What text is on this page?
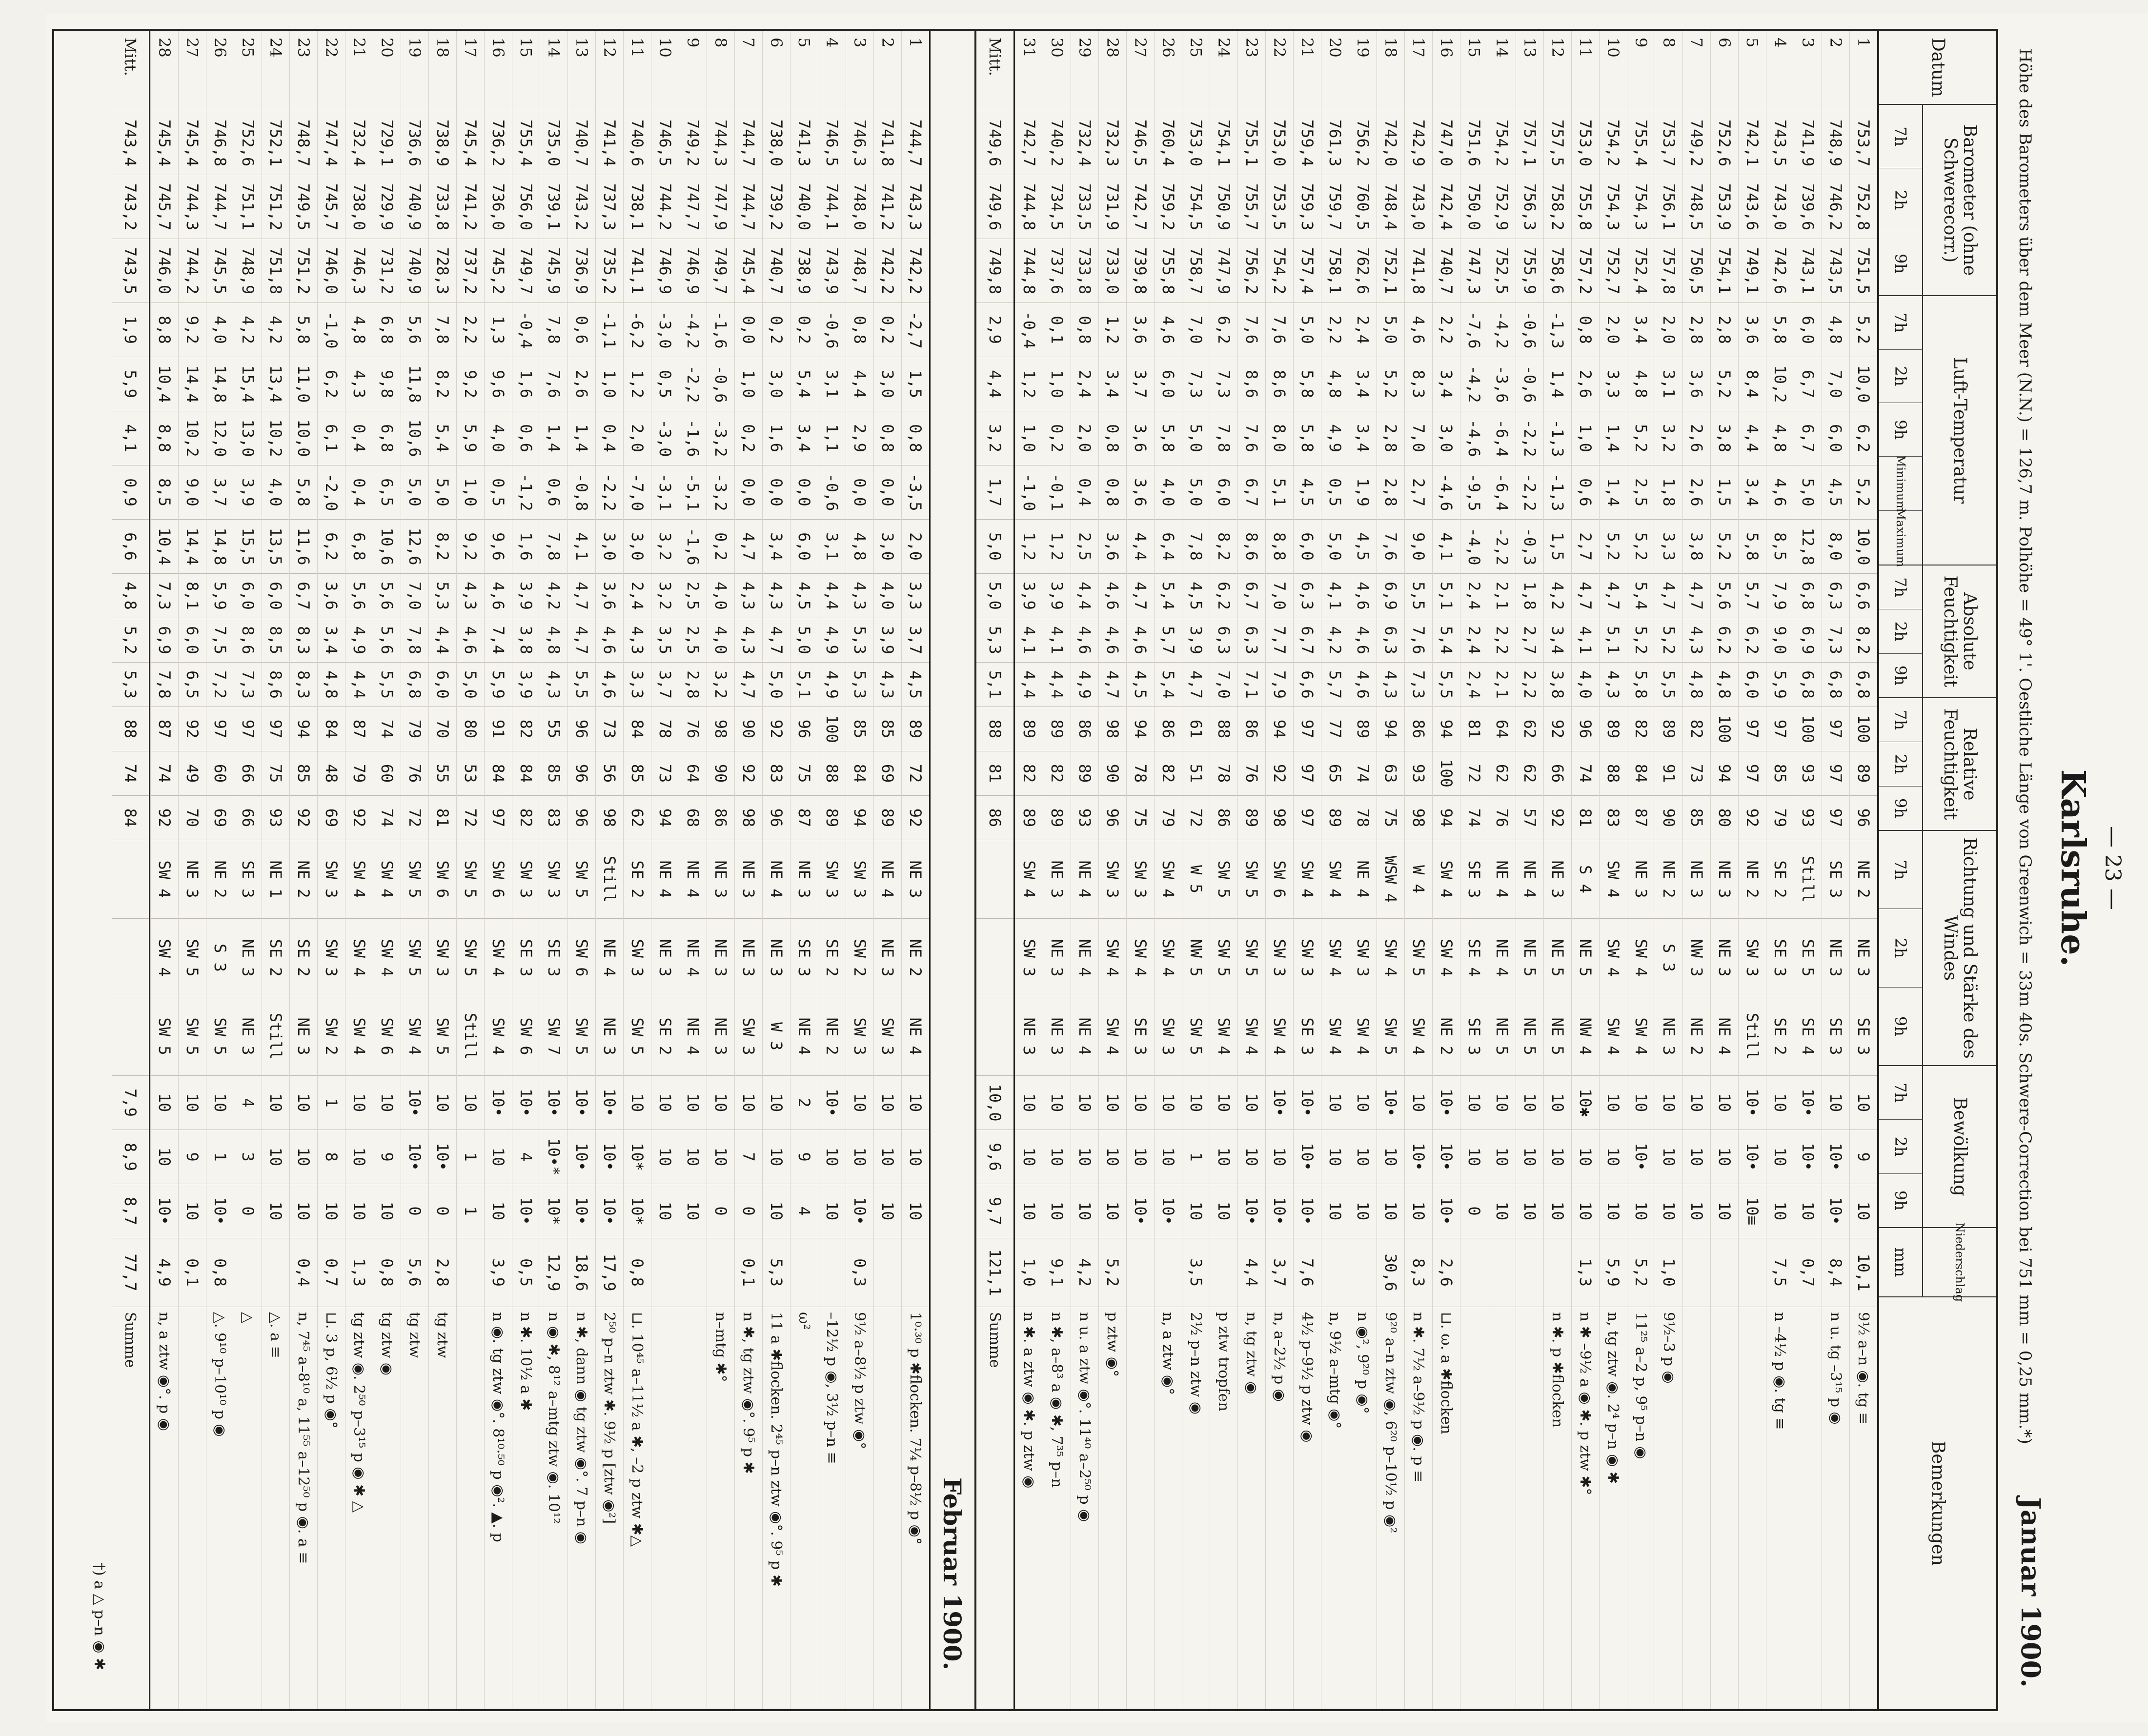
— 23 —
Karlsruhe.
Höhe des Barometers über dem Meer (N.N.) = 126,7 m. Polhöhe = 49° 1'. Oestliche Länge von Greenwich = 33m 40s. Schwere-Correction bei 751 mm = 0,25 mm.*)
Januar 1900.
Datum
Barometer (ohne Schwerecorr.)
7h
2h
9h
Luft-Temperatur
7h
2h
9h
Minimum
Maximum
Absolute Feuchtigkeit
7h
2h
9h
Relative Feuchtigkeit
7h
2h
9h
Richtung und Stärke des Windes
7h
2h
9h
Bewölkung
7h
2h
9h
Niederschlag
mm
Bemerkungen
1
753,7
752,8
751,5
5,2
10,0
6,2
5,2
10,0
6,6
8,2
6,8
100
89
96
NE 2
NE 3
SE 3
10
9
10
10,1
9½ a–n ◉. tg ≡
2
748,9
746,2
743,5
4,8
7,0
6,0
4,5
8,0
6,3
7,3
6,8
97
97
97
SE 3
NE 3
SE 3
10
10•
10•
8,4
n u. tg –3¹⁵ p ◉
3
741,9
739,6
743,1
6,0
6,7
6,7
5,0
12,8
6,8
6,9
6,8
100
93
93
Still
SE 5
SE 4
10•
10•
10
0,7
4
743,5
743,0
742,6
5,8
10,2
4,8
4,6
8,5
7,9
9,0
5,9
97
85
79
SE 2
SE 3
SE 2
10
10
10
7,5
n –4½ p ◉. tg ≡
5
742,1
743,6
749,1
3,6
8,4
4,4
3,4
5,8
5,7
6,2
6,0
97
97
92
NE 2
SW 3
Still
10•
10•
10≡
6
752,6
753,9
754,1
2,8
5,2
3,8
1,5
5,2
5,6
6,2
4,8
100
94
80
NE 3
NE 3
NE 4
10
10
10
7
749,2
748,5
750,5
2,8
3,6
2,6
2,6
3,8
4,7
4,3
4,8
82
73
85
NE 3
NW 3
NE 2
10
10
10
8
753,7
756,1
757,8
2,0
3,1
3,2
1,8
3,3
4,7
5,2
5,5
89
91
90
NE 2
S 3
NE 3
10
10
10
1,0
9½–3 p ◉
9
755,4
754,3
752,4
3,4
4,8
5,2
2,5
5,2
5,4
5,2
5,8
82
84
87
NE 3
SW 4
SW 4
10
10•
10
5,2
11²⁵ a–2 p, 9⁵ p–n ◉
10
754,2
754,3
752,7
2,0
3,3
1,4
1,4
5,2
4,7
5,1
4,3
89
88
83
SW 4
SW 4
SW 4
10
10
10
5,9
n, tg ztw ◉. 2⁴ p–n ◉ ✱
11
753,0
755,8
757,2
0,8
2,6
1,0
0,6
2,7
4,7
4,1
4,0
96
74
81
S 4
NE 5
NW 4
10✱
10
10
1,3
n ✱ –9½ a ◉ ✱. p ztw ✱°
12
757,5
758,2
758,6
-1,3
1,4
-1,3
-1,3
1,5
4,2
3,4
3,8
92
66
92
NE 3
NE 5
NE 5
10
10
10
n ✱. p ✱flocken
13
757,1
756,3
755,9
-0,6
-0,6
-2,2
-2,2
-0,3
1,8
2,7
2,2
62
62
57
NE 4
NE 5
NE 5
10
10
10
14
754,2
752,9
752,5
-4,2
-3,6
-6,4
-6,4
-2,2
2,1
2,2
2,1
64
62
76
NE 4
NE 4
NE 5
10
10
10
15
751,6
750,0
747,3
-7,6
-4,2
-4,6
-9,5
-4,0
2,4
2,4
2,4
81
72
74
SE 3
SE 4
SE 3
10
10
0
16
747,0
742,4
740,7
2,2
3,4
3,0
-4,6
4,1
5,1
5,4
5,5
94
100
94
SW 4
SW 4
NE 2
10•
10•
10•
2,6
⊔. ω. a ✱flocken
17
742,9
743,0
741,8
4,6
8,3
7,0
2,7
9,0
5,5
7,6
7,3
86
93
98
W 4
SW 5
SW 4
10
10•
10
8,3
n ✱. 7½ a–9½ p ◉. p ≡
18
742,0
748,4
752,1
5,0
5,2
2,8
2,8
7,6
6,9
6,3
4,3
94
63
75
WSW 4
SW 4
SW 5
10•
10
10
30,6
9²⁰ a–n ztw ◉, 6²⁰ p–10½ p ◉²
19
756,2
760,5
762,6
2,4
3,4
3,4
1,9
4,5
4,6
4,6
4,6
89
74
78
NE 4
SW 3
SW 4
10
10
10
n ◉², 9²⁰ p ◉°
20
761,3
759,7
758,1
2,2
4,8
4,9
0,5
5,0
4,1
4,2
5,7
77
65
89
SW 4
SW 4
SW 4
10
10
10
n, 9½ a–mtg ◉°
21
759,4
759,3
757,4
5,0
5,8
5,8
4,5
6,0
6,3
6,7
6,6
97
97
97
SW 4
SW 3
SE 3
10•
10•
10•
7,6
4½ p–9½ p ztw ◉
22
753,0
753,5
754,2
7,6
8,6
8,0
5,1
8,8
7,0
7,7
7,9
94
92
98
SW 6
SW 3
SW 4
10•
10
10•
3,7
n, a–2½ p ◉
23
755,1
755,7
756,2
7,6
8,6
7,6
6,7
8,6
6,7
6,3
7,1
86
76
89
SW 5
SW 5
SW 4
10
10
10•
4,4
n, tg ztw ◉
24
754,1
750,9
747,9
6,2
7,3
7,8
6,0
8,2
6,2
6,3
7,0
88
78
86
SW 5
SW 5
SW 4
10
10
10
p ztw tropfen
25
753,0
754,5
758,7
7,0
7,3
5,0
5,0
7,8
4,5
3,9
4,7
61
51
72
W 5
NW 5
SW 5
10
1
10
3,5
2½ p–n ztw ◉
26
760,4
759,2
755,8
4,6
6,0
5,8
4,0
6,4
5,4
5,7
5,4
86
82
79
SW 4
SW 4
SW 3
10
10
10•
n, a ztw ◉°
27
746,5
742,7
739,8
3,6
3,7
3,6
3,6
4,4
4,7
4,6
4,5
94
78
75
SW 3
SW 4
SE 3
10
10
10•
28
732,3
731,9
733,0
1,2
3,4
0,8
0,8
3,6
4,6
4,6
4,7
98
90
96
SW 3
SW 4
SW 4
10
10
10
5,2
p ztw ◉°
29
732,4
733,5
733,8
0,8
2,4
2,0
0,4
2,5
4,4
4,6
4,9
86
89
93
NE 4
NE 4
NE 4
10
10
10
4,2
n u. a ztw ◉°. 11⁴⁰ a–2⁵⁰ p ◉
30
740,2
734,5
737,6
0,1
1,0
0,2
-0,1
1,2
3,9
4,1
4,4
89
82
89
NE 3
NE 3
NE 3
10
10
10
9,1
n ✱, a–8³ a ◉ ✱, 7³⁵ p–n
31
742,7
744,8
744,8
-0,4
1,2
1,0
-1,0
1,2
3,9
4,1
4,4
89
82
89
SW 4
SW 3
NE 3
10
10
10
1,0
n ✱. a ztw ◉ ✱. p ztw ◉
Mitt.
749,6
749,6
749,8
2,9
4,4
3,2
1,7
5,0
5,0
5,3
5,1
88
81
86
10,0
9,6
9,7
121,1
Summe
Februar 1900.
1
744,7
743,3
742,2
-2,7
1,5
0,8
-3,5
2,0
3,3
3,7
4,5
89
72
92
NE 3
NE 2
NE 4
10
10
10
1⁰·³⁰ p ✱flocken. 7¼ p–8½ p ◉°
2
741,8
741,2
742,2
0,2
3,0
0,8
0,0
3,0
4,0
3,9
4,3
85
69
89
NE 4
NE 3
SW 3
10
10
10
3
746,3
748,0
748,7
0,8
4,4
2,9
0,0
4,8
4,3
5,3
5,3
85
84
94
SW 3
SW 2
SW 3
10
10
10•
0,3
9½ a–8½ p ztw ◉°
4
746,5
744,1
743,9
-0,6
3,1
1,1
-0,6
3,1
4,4
4,9
4,9
100
88
89
SW 3
SE 2
NE 2
10•
10
10
–12½ p ◉, 3½ p–n ≡
5
741,3
740,0
738,9
0,2
5,4
3,4
0,0
6,0
4,5
5,0
5,1
96
75
87
NE 3
SE 3
NE 4
2
9
4
ω²
6
738,0
739,2
740,7
0,2
3,0
1,6
0,0
3,4
4,3
4,7
5,0
92
83
96
NE 4
NE 3
W 3
10
10
10
5,3
11 a ✱flocken. 2⁴⁵ p–n ztw ◉°. 9⁵ p ✱
7
744,7
744,7
745,4
0,0
1,0
0,2
0,0
4,7
4,3
4,3
4,7
90
92
98
NE 3
NE 3
SW 3
10
7
0
0,1
n ✱, tg ztw ◉°. 9⁵ p ✱
8
744,3
747,9
749,7
-1,6
-0,6
-3,2
-3,2
0,2
4,0
4,0
3,2
98
90
86
NE 3
NE 3
NE 3
10
10
0
n–mtg ✱°
9
749,2
747,7
746,9
-4,2
-2,2
-1,6
-5,1
-1,6
2,5
2,5
2,8
76
64
68
NE 4
NE 4
NE 4
10
10
10
10
746,5
744,2
746,9
-3,0
0,5
-3,0
-3,1
3,2
3,2
3,5
3,7
78
73
94
NE 4
NE 3
SE 2
10
10
10
11
740,6
738,1
741,1
-6,2
1,2
2,0
-7,0
3,0
2,4
4,3
3,3
84
85
62
SE 2
SW 3
SW 5
10
10*
10*
0,8
⊔. 10⁴⁵ a–11½ a ✱, –2 p ztw ✱△
12
741,4
737,3
735,2
-1,1
1,0
0,4
-2,2
3,0
3,6
4,6
4,6
73
56
98
Still
NE 4
NE 3
10•
10•
10•
17,9
2⁵⁰ p–n ztw ✱. 9½ p [ztw ◉²]
13
740,7
743,2
736,9
0,6
2,6
1,4
-0,8
4,1
4,7
4,7
5,5
96
96
96
SW 5
SW 6
SW 5
10•
10•
10•
18,6
n ✱, dann ◉ tg ztw ◉°. 7 p–n ◉
14
735,0
739,1
745,9
7,8
7,6
1,4
0,6
7,8
4,2
4,8
4,3
55
85
83
SW 3
SE 3
SW 7
10•
10•*
10*
12,9
n ◉ ✱, 8¹² a–mtg ztw ◉. 10¹²
15
755,4
756,0
749,7
-0,4
1,6
0,6
-1,2
1,6
3,9
3,8
3,9
82
84
82
SW 3
SE 3
SW 6
10•
4
10•
0,5
n ✱. 10½ a ✱
16
736,2
736,0
745,2
1,3
9,6
4,0
0,5
9,6
4,6
7,4
5,9
91
84
97
SW 6
SW 4
SW 4
10•
10
10
3,9
n ◉. tg ztw ◉°. 8¹⁰·⁵⁰ p ◉². ▲. p
17
745,4
741,2
737,2
2,2
9,2
5,9
1,0
9,2
4,3
4,6
5,0
80
53
72
SW 5
SW 5
Still
10
1
1
18
738,9
733,8
728,3
7,8
8,2
5,4
5,0
8,2
5,3
4,4
6,0
70
55
81
SW 6
SW 3
SW 5
10
10•
0
2,8
tg ztw
19
736,6
740,9
740,9
5,6
11,8
10,6
5,0
12,6
7,0
7,8
6,8
79
76
72
SW 5
SW 5
SW 4
10•
10•
0
5,6
tg ztw
20
729,1
729,9
731,2
6,8
9,8
6,8
6,5
10,6
5,6
5,6
5,5
74
60
74
SW 4
SW 4
SW 6
10
9
10
0,8
tg ztw ◉
21
732,4
738,0
746,3
4,8
4,3
0,4
0,4
6,8
5,6
4,9
4,4
87
79
92
SW 4
SW 4
SW 4
10
10
10
1,3
tg ztw ◉. 2⁵⁰ p–3¹⁵ p ◉ ✱ △
22
747,4
745,7
746,0
-1,0
6,2
6,1
-2,0
6,2
3,6
3,4
4,8
84
48
69
SW 3
SW 3
SW 2
1
8
10
0,7
⊔. 3 p, 6½ p ◉°
23
748,7
749,5
751,2
5,8
11,0
10,0
5,8
11,6
6,7
8,3
8,3
94
85
92
NE 2
SE 2
NE 3
10
10
10
0,4
n, 7⁴⁵ a–8¹⁰ a, 11⁵⁵ a–12⁵⁰ p ◉. a ≡
24
752,1
751,2
751,8
4,2
13,4
10,2
4,0
13,5
6,0
8,5
8,6
97
75
93
NE 1
SE 2
Still
10
10
10
△. a ≡
25
752,6
751,1
748,9
4,2
15,4
13,0
3,9
15,5
6,0
8,6
7,3
97
66
66
SE 3
NE 3
NE 3
4
3
0
△
26
746,8
744,7
745,5
4,0
14,8
12,0
3,7
14,8
5,9
7,5
7,2
97
60
69
NE 2
S 3
SW 5
10
1
10•
0,8
△. 9¹⁰ p–10¹⁰ p ◉
27
745,4
744,3
744,2
9,2
14,4
10,2
9,0
14,4
8,1
6,0
6,5
92
49
70
NE 3
SW 5
SW 5
10
9
10
0,1
28
745,4
745,7
746,0
8,8
10,4
8,8
8,5
10,4
7,3
6,9
7,8
87
74
92
SW 4
SW 4
SW 5
10
10
10•
4,9
n, a ztw ◉°. p ◉
Mitt.
743,4
743,2
743,5
1,9
5,9
4,1
0,9
6,6
4,8
5,2
5,3
88
74
84
7,9
8,9
8,7
77,7
Summe
†) a △ p–n ◉ ✱
